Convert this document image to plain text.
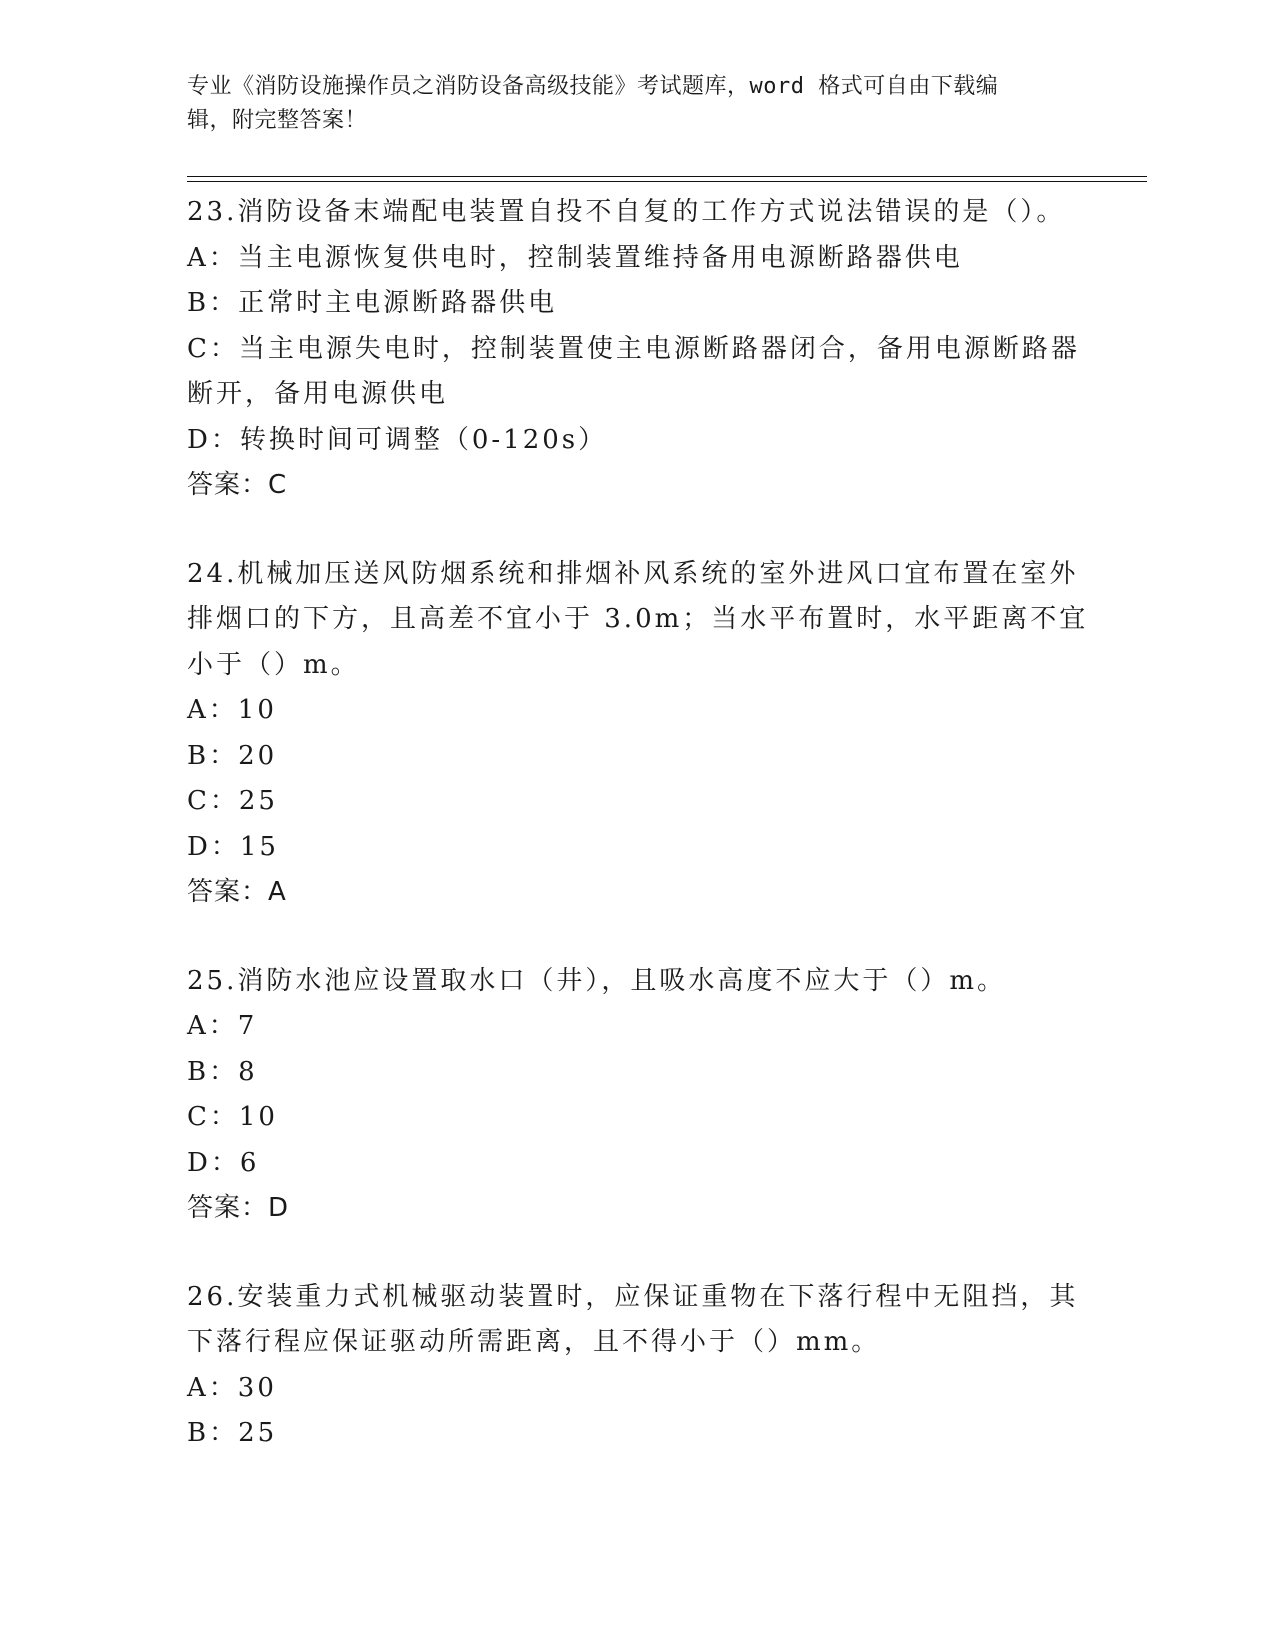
专业《消防设施操作员之消防设备高级技能》考试题库，word 格式可自由下载编
辑，附完整答案！
23.消防设备末端配电装置自投不自复的工作方式说法错误的是（）。
A：当主电源恢复供电时，控制装置维持备用电源断路器供电
B：正常时主电源断路器供电
C：当主电源失电时，控制装置使主电源断路器闭合，备用电源断路器
断开，备用电源供电
D：转换时间可调整（0-120s）
答案：C
24.机械加压送风防烟系统和排烟补风系统的室外进风口宜布置在室外
排烟口的下方，且高差不宜小于 3.0m；当水平布置时，水平距离不宜
小于（）m。
A：10
B：20
C：25
D：15
答案：A
25.消防水池应设置取水口（井），且吸水高度不应大于（）m。
A：7
B：8
C：10
D：6
答案：D
26.安装重力式机械驱动装置时，应保证重物在下落行程中无阻挡，其
下落行程应保证驱动所需距离，且不得小于（）mm。
A：30
B：25
